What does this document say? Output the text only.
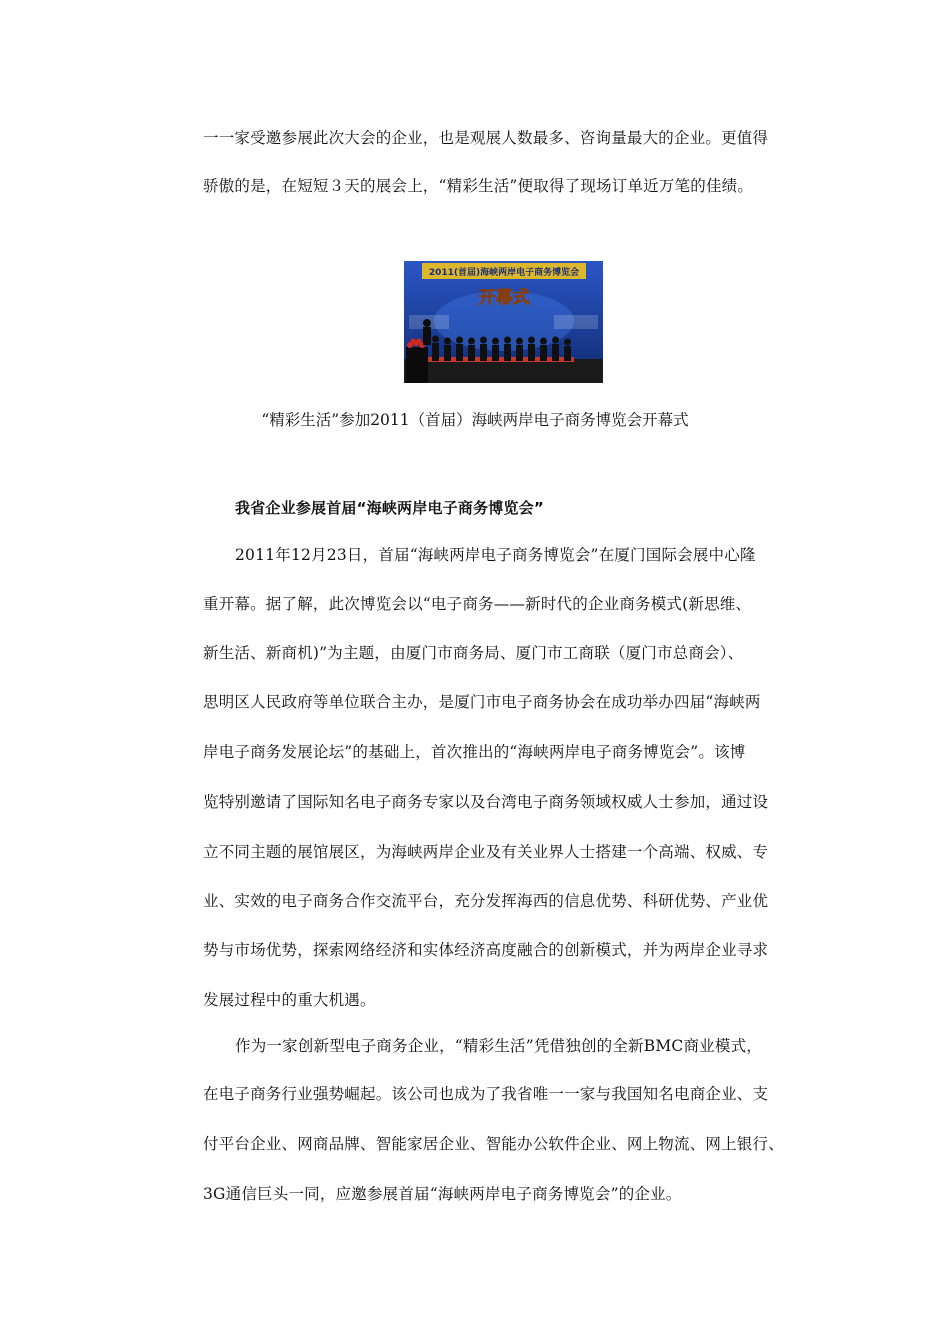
一一家受邀参展此次大会的企业，也是观展人数最多、咨询量最大的企业。更值得

骄傲的是，在短短３天的展会上，“精彩生活”便取得了现场订单近万笔的佳绩。

2011(首届)海峡两岸电子商务博览会
开幕式

“精彩生活”参加2011（首届）海峡两岸电子商务博览会开幕式

我省企业参展首届“海峡两岸电子商务博览会”

2011年12月23日，首届“海峡两岸电子商务博览会”在厦门国际会展中心隆

重开幕。据了解，此次博览会以“电子商务——新时代的企业商务模式(新思维、

新生活、新商机)”为主题，由厦门市商务局、厦门市工商联（厦门市总商会）、

思明区人民政府等单位联合主办，是厦门市电子商务协会在成功举办四届“海峡两

岸电子商务发展论坛”的基础上，首次推出的“海峡两岸电子商务博览会”。该博

览特别邀请了国际知名电子商务专家以及台湾电子商务领域权威人士参加，通过设

立不同主题的展馆展区，为海峡两岸企业及有关业界人士搭建一个高端、权威、专

业、实效的电子商务合作交流平台，充分发挥海西的信息优势、科研优势、产业优

势与市场优势，探索网络经济和实体经济高度融合的创新模式，并为两岸企业寻求

发展过程中的重大机遇。

作为一家创新型电子商务企业，“精彩生活”凭借独创的全新BMC商业模式，

在电子商务行业强势崛起。该公司也成为了我省唯一一家与我国知名电商企业、支

付平台企业、网商品牌、智能家居企业、智能办公软件企业、网上物流、网上银行、

3G通信巨头一同，应邀参展首届“海峡两岸电子商务博览会”的企业。
